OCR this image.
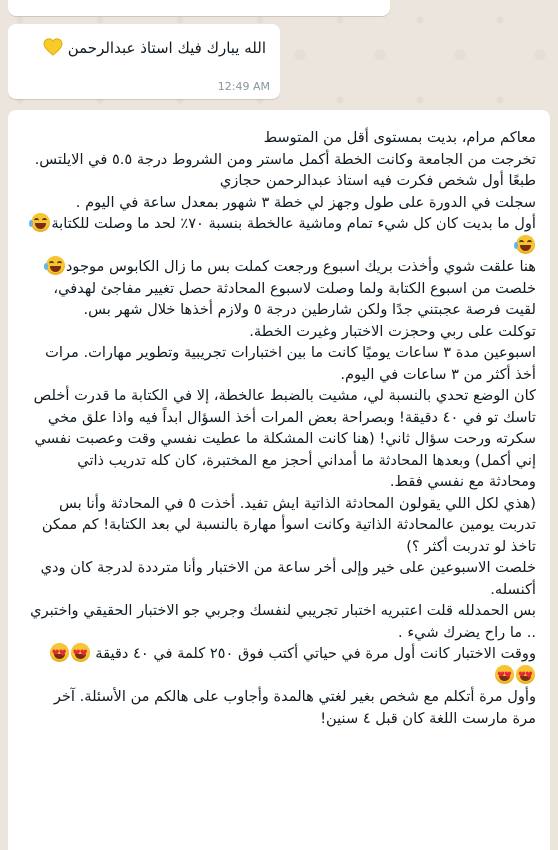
الله يبارك فيك استاذ عبدالرحمن
12:49 AM

معاكم مرام، بديت بمستوى أقل من المتوسط

تخرجت من الجامعة وكانت الخطة أكمل ماستر ومن الشروط درجة ٥.٥ في الايلتس. طبعًا أول شخص فكرت فيه استاذ عبدالرحمن حجازي

سجلت في الدورة على طول وجهز لي خطة ٣ شهور بمعدل ساعة في اليوم .

أول ما بديت كان كل شيء تمام وماشية عالخطة بنسبة ٧٠٪ لحد ما وصلت للكتابة

هنا علقت شوي وأخذت بريك اسبوع ورجعت كملت بس ما زال الكابوس موجود

خلصت من اسبوع الكتابة ولما وصلت لاسبوع المحادثة حصل تغيير مفاجئ لهدفي، لقيت فرصة عجبتني جدًا ولكن شارطين درجة ٥ ولازم أخذها خلال شهر بس.

توكلت على ربي وحجزت الاختبار وغيرت الخطة.

اسبوعين مدة ٣ ساعات يوميًا كانت ما بين اختبارات تجريبية وتطوير مهارات. مرات أخذ أكثر من ٣ ساعات في اليوم.

كان الوضع تحدي بالنسبة لي، مشيت بالضبط عالخطة، إلا في الكتابة ما قدرت أخلص تاسك تو في ٤٠ دقيقة! وبصراحة بعض المرات أخذ السؤال ابداً فيه واذا علق مخي سكرته ورحت سؤال ثاني! (هنا كانت المشكلة ما عطيت نفسي وقت وعصبت نفسي إني أكمل) وبعدها المحادثة ما أمداني أحجز مع المختبرة، كان كله تدريب ذاتي ومحادثة مع نفسي فقط.

(هذي لكل اللي يقولون المحادثة الذاتية ايش تفيد. أخذت ٥ في المحادثة وأنا بس تدربت يومين عالمحادثة الذاتية وكانت اسوأ مهارة بالنسبة لي بعد الكتابة! كم ممكن تاخذ لو تدربت أكثر ؟)

خلصت الاسبوعين على خير وإلى أخر ساعة من الاختبار وأنا مترددة لدرجة كان ودي أكنسله.

بس الحمدلله قلت اعتبريه اختبار تجريبي لنفسك وجربي جو الاختبار الحقيقي واختبري .. ما راح يضرك شيء .

ووقت الاختبار كانت أول مرة في حياتي أكتب فوق ٢٥٠ كلمة في ٤٠ دقيقة ♥
♥♥
♥♥
♥♥
♥

وأول مرة أتكلم مع شخص بغير لغتي هالمدة وأجاوب على هالكم من الأسئلة. آخر مرة مارست اللغة كان قبل ٤ سنين!
